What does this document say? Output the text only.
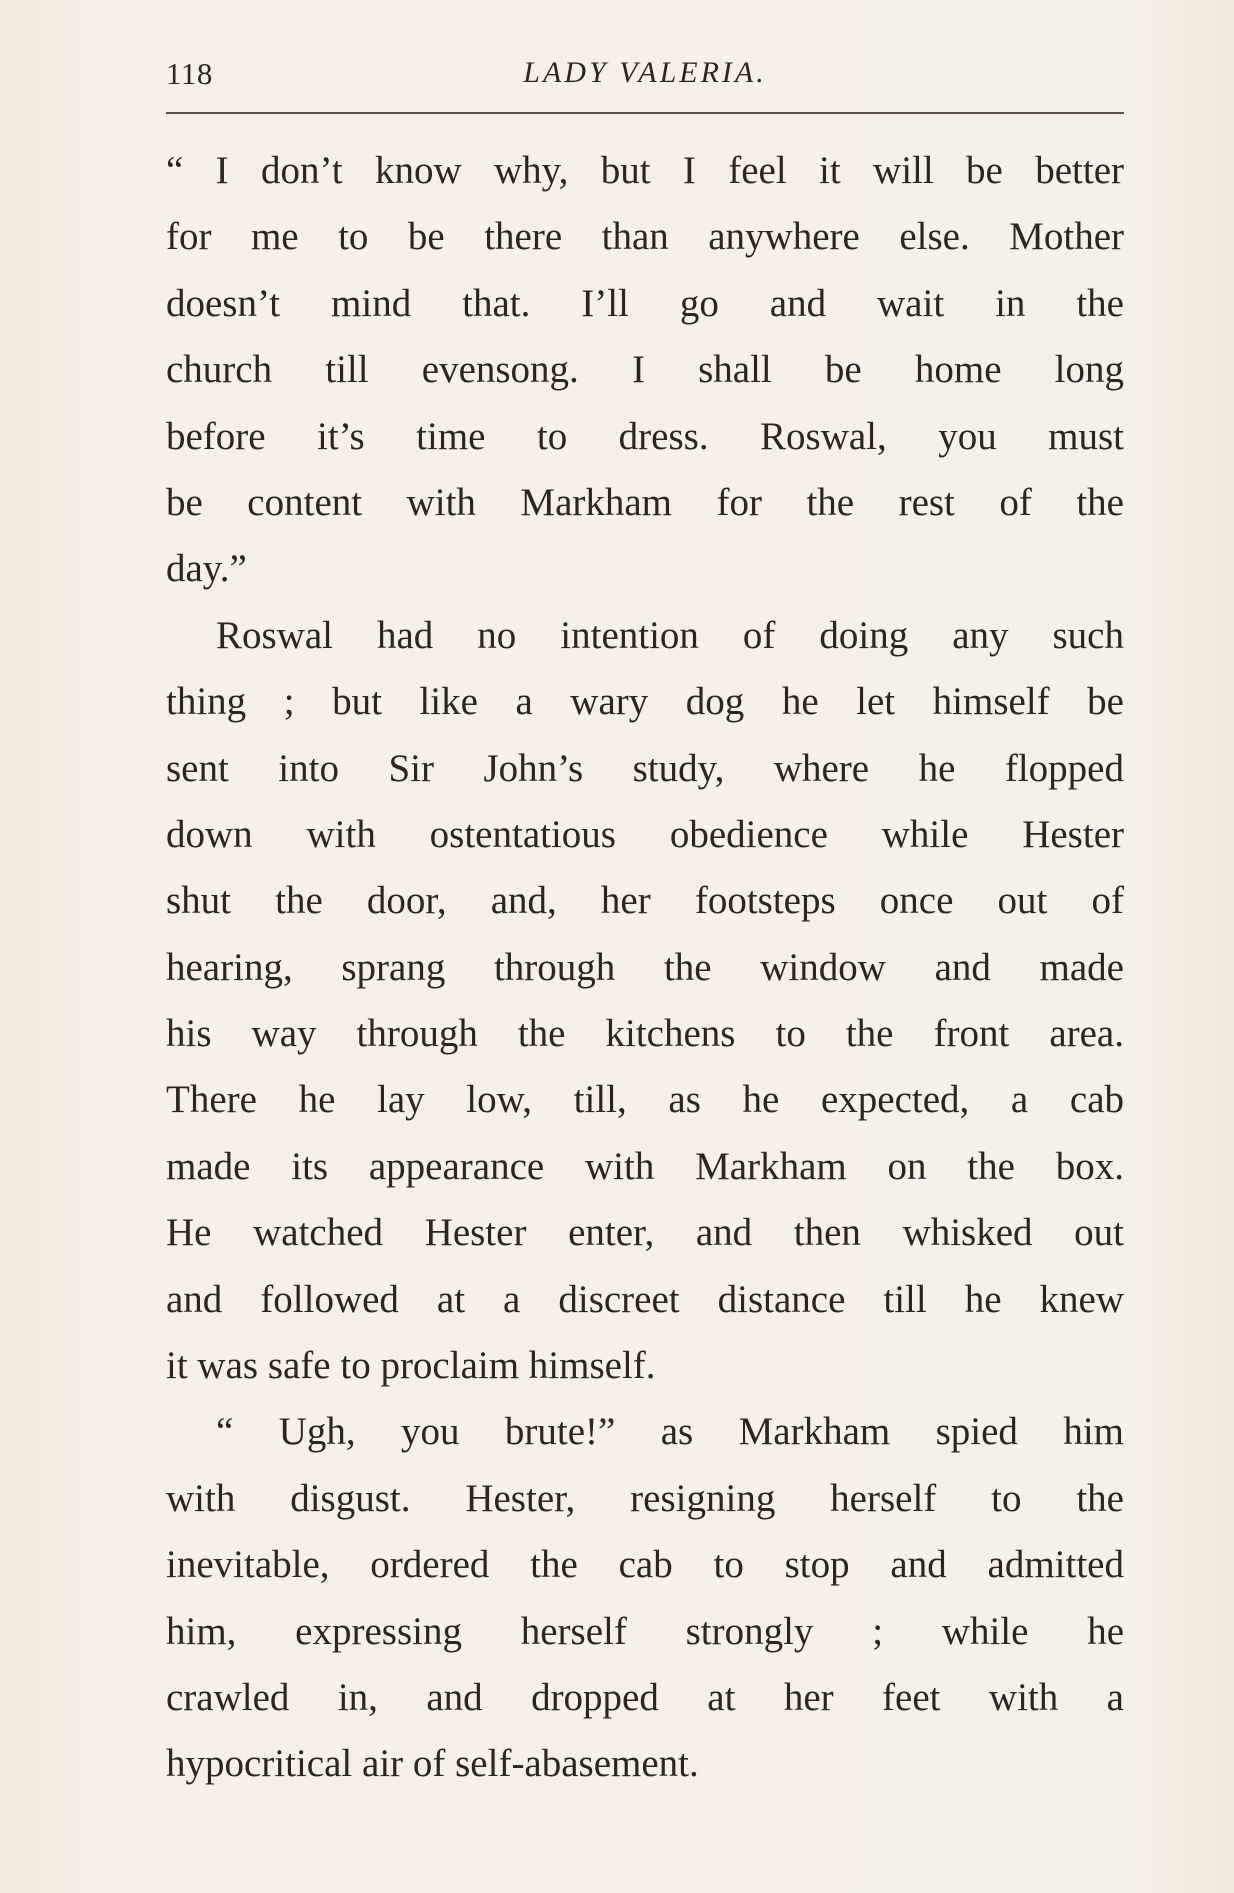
118	LADY VALERIA.
“ I don’t know why, but I feel it will be better
for me to be there than anywhere else. Mother
doesn’t mind that. I’ll go and wait in the
church till evensong. I shall be home long
before it’s time to dress. Roswal, you must
be content with Markham for the rest of the
day.”
Roswal had no intention of doing any such
thing ; but like a wary dog he let himself be
sent into Sir John’s study, where he flopped
down with ostentatious obedience while Hester
shut the door, and, her footsteps once out of
hearing, sprang through the window and made
his way through the kitchens to the front area.
There he lay low, till, as he expected, a cab
made its appearance with Markham on the box.
He watched Hester enter, and then whisked out
and followed at a discreet distance till he knew
it was safe to proclaim himself.
“ Ugh, you brute!” as Markham spied him
with disgust. Hester, resigning herself to the
inevitable, ordered the cab to stop and admitted
him, expressing herself strongly ; while he
crawled in, and dropped at her feet with a
hypocritical air of self-abasement.
